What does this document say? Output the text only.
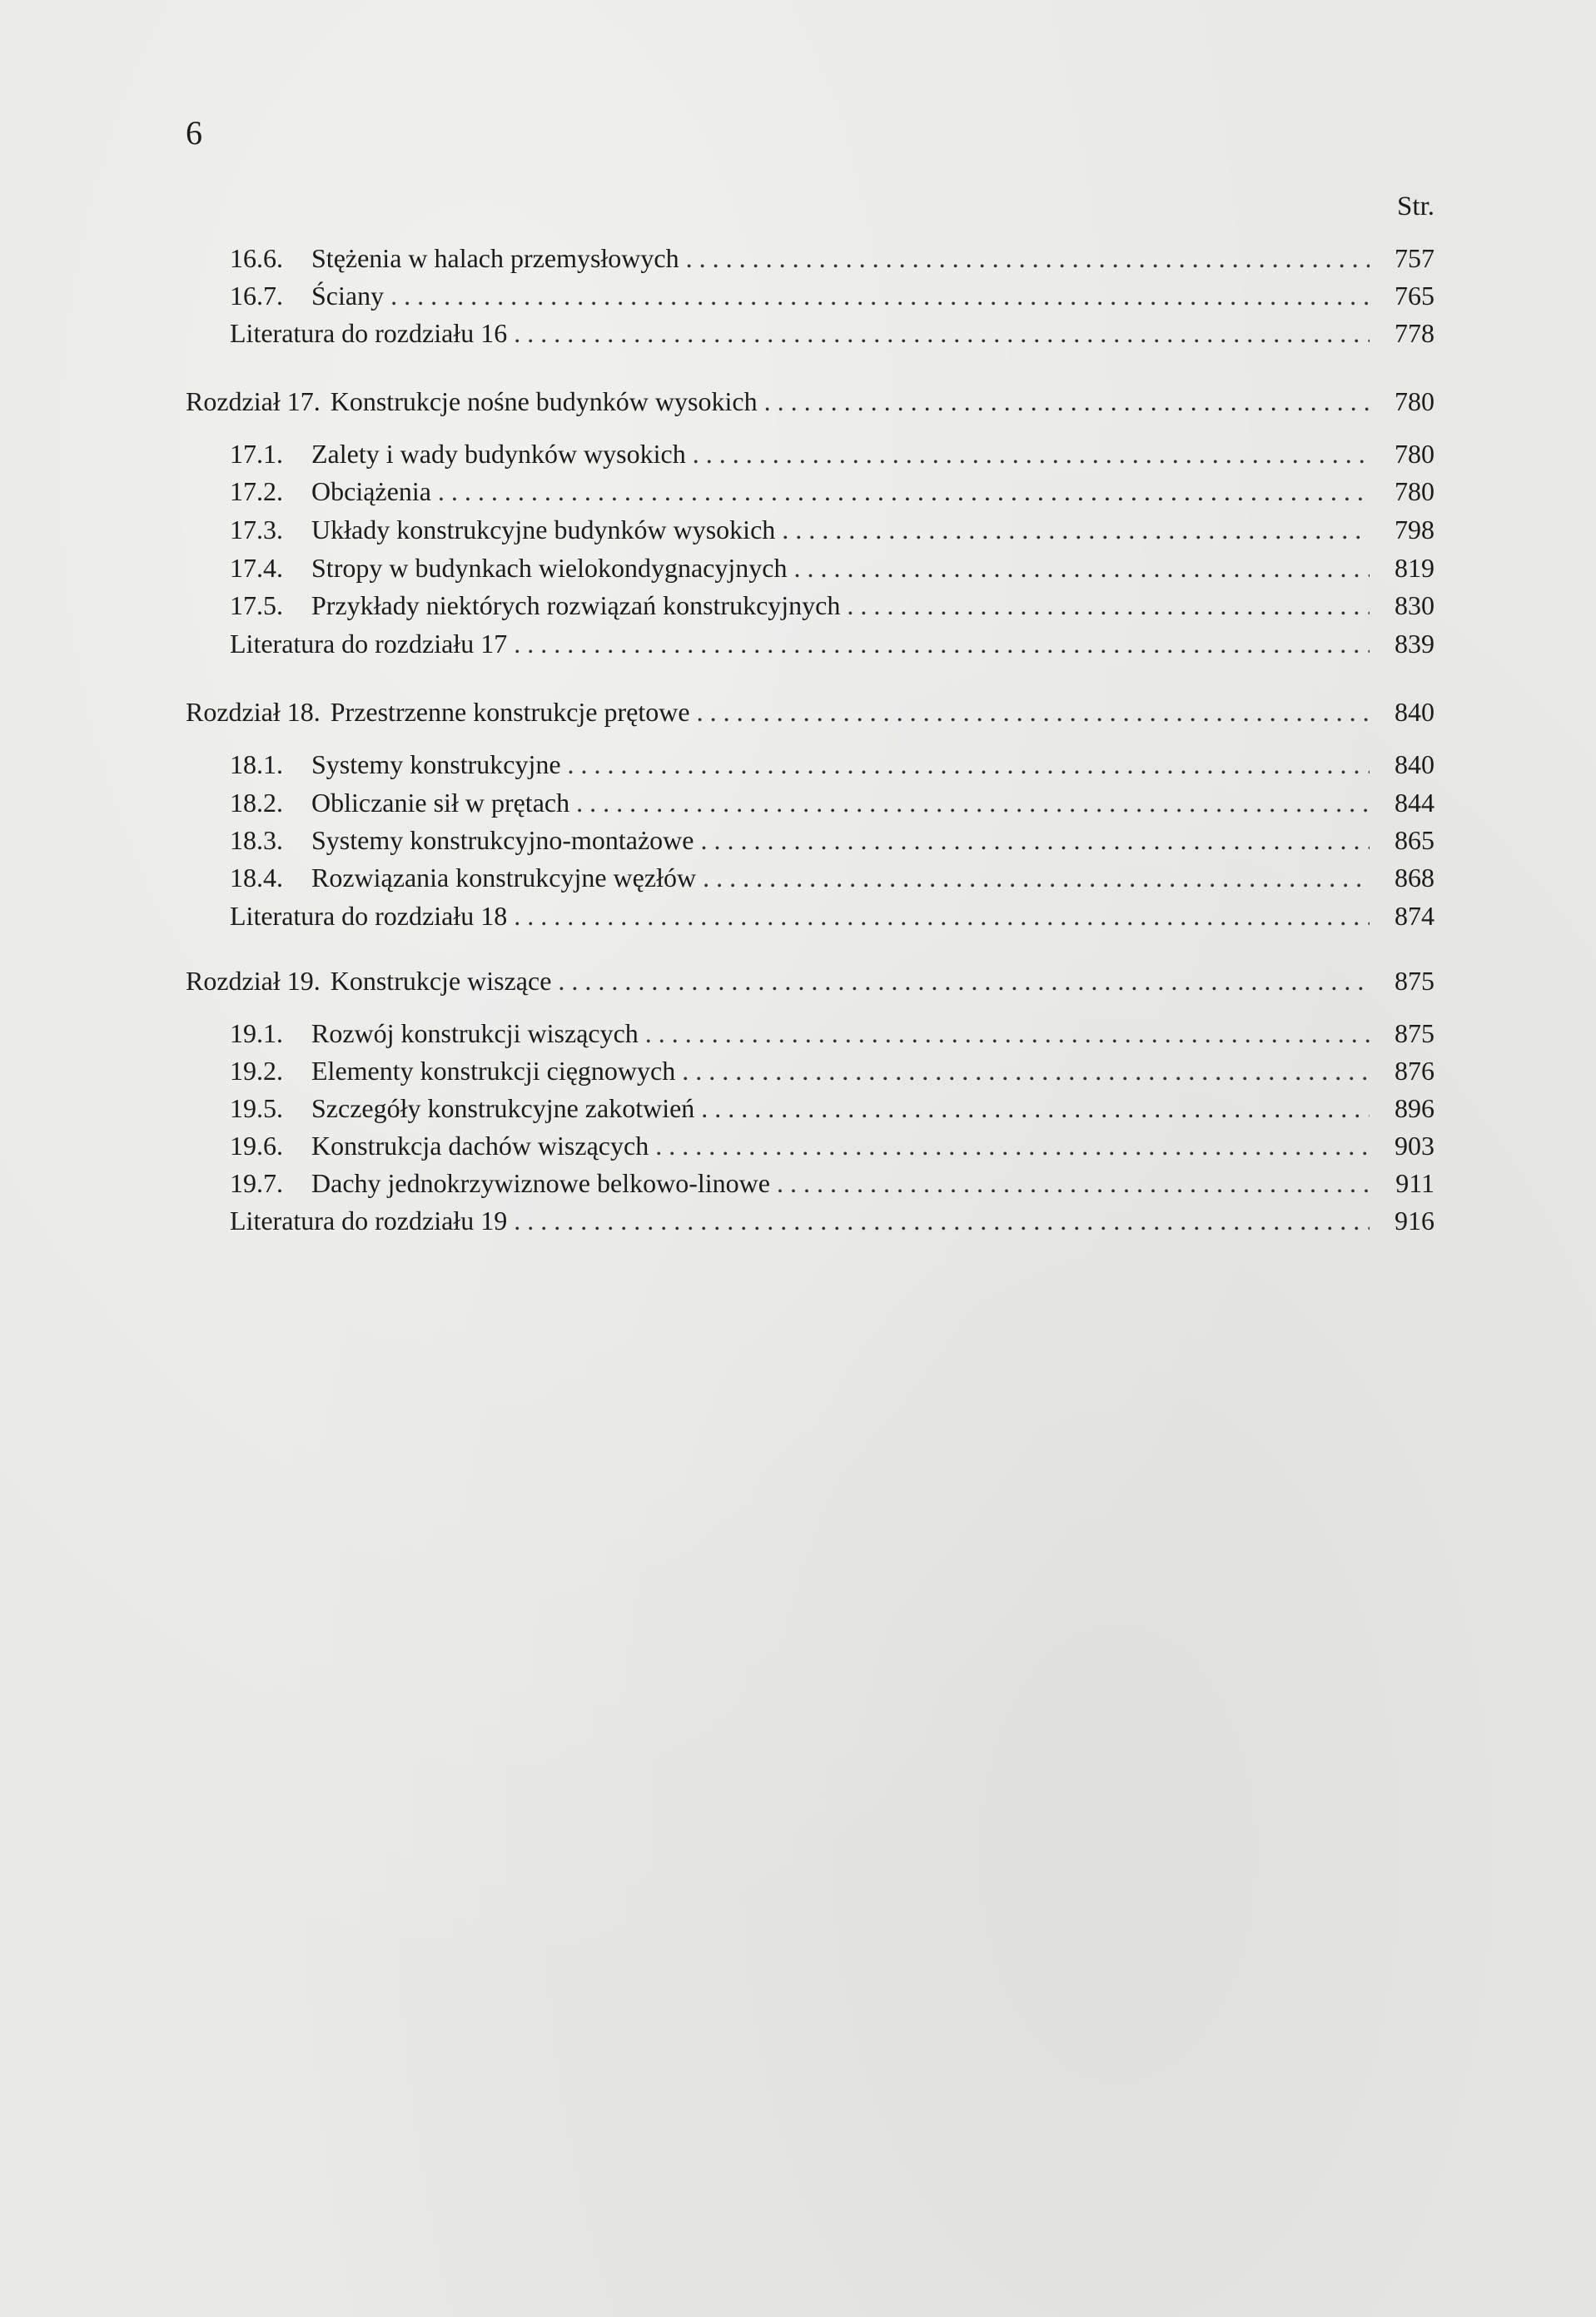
6
Str.
16.6.	Stężenia w halach przemysłowych . . .	757
16.7.	Ściany . . .	765
Literatura do rozdziału 16 . . .	778
Rozdział 17. Konstrukcje nośne budynków wysokich . . .	780
17.1.	Zalety i wady budynków wysokich . . .	780
17.2.	Obciążenia . . .	780
17.3.	Układy konstrukcyjne budynków wysokich . . .	798
17.4.	Stropy w budynkach wielokondygnacyjnych . . .	819
17.5.	Przykłady niektórych rozwiązań konstrukcyjnych . . .	830
Literatura do rozdziału 17 . . .	839
Rozdział 18. Przestrzenne konstrukcje prętowe . . .	840
18.1.	Systemy konstrukcyjne . . .	840
18.2.	Obliczanie sił w prętach . . .	844
18.3.	Systemy konstrukcyjno-montażowe . . .	865
18.4.	Rozwiązania konstrukcyjne węzłów . . .	868
Literatura do rozdziału 18 . . .	874
Rozdział 19. Konstrukcje wiszące . . .	875
19.1.	Rozwój konstrukcji wiszących . . .	875
19.2.	Elementy konstrukcji cięgnowych . . .	876
19.5.	Szczegóły konstrukcyjne zakotwień . . .	896
19.6.	Konstrukcja dachów wiszących . . .	903
19.7.	Dachy jednokrzywiznowe belkowo-linowe . . .	911
Literatura do rozdziału 19 . . .	916
